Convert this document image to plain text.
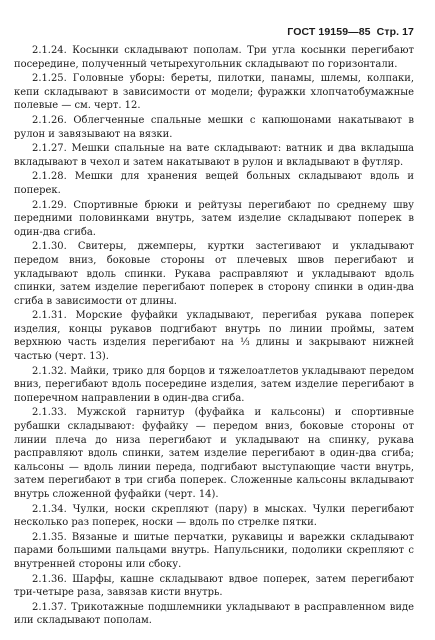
ГОСТ 19159—85 Стр. 17

2.1.24. Косынки складывают пополам. Три угла косынки перегибают посередине, полученный четырехугольник складывают по горизонтали.

2.1.25. Головные уборы: береты, пилотки, панамы, шлемы, колпаки, кепи складывают в зависимости от модели; фуражки хлопчатобумажные полевые — см. черт. 12.

2.1.26. Облегченные спальные мешки с капюшонами накатывают в рулон и завязывают на вязки.

2.1.27. Мешки спальные на вате складывают: ватник и два вкладыша вкладывают в чехол и затем накатывают в рулон и вкладывают в футляр.

2.1.28. Мешки для хранения вещей больных складывают вдоль и поперек.

2.1.29. Спортивные брюки и рейтузы перегибают по среднему шву передними половинками внутрь, затем изделие складывают поперек в один-два сгиба.

2.1.30. Свитеры, джемперы, куртки застегивают и укладывают передом вниз, боковые стороны от плечевых швов перегибают и укладывают вдоль спинки. Рукава расправляют и укладывают вдоль спинки, затем изделие перегибают поперек в сторону спинки в один-два сгиба в зависимости от длины.

2.1.31. Морские фуфайки укладывают, перегибая рукава поперек изделия, концы рукавов подгибают внутрь по линии проймы, затем верхнюю часть изделия перегибают на ⅓ длины и закрывают нижней частью (черт. 13).

2.1.32. Майки, трико для борцов и тяжелоатлетов укладывают передом вниз, перегибают вдоль посередине изделия, затем изделие перегибают в поперечном направлении в один-два сгиба.

2.1.33. Мужской гарнитур (фуфайка и кальсоны) и спортивные рубашки складывают: фуфайку — передом вниз, боковые стороны от линии плеча до низа перегибают и укладывают на спинку, рукава расправляют вдоль спинки, затем изделие перегибают в один-два сгиба; кальсоны — вдоль линии переда, подгибают выступающие части внутрь, затем перегибают в три сгиба поперек. Сложенные кальсоны вкладывают внутрь сложенной фуфайки (черт. 14).

2.1.34. Чулки, носки скрепляют (пару) в мысках. Чулки перегибают несколько раз поперек, носки — вдоль по стрелке пятки.

2.1.35. Вязаные и шитые перчатки, рукавицы и варежки складывают парами большими пальцами внутрь. Напульсники, подолики скрепляют с внутренней стороны или сбоку.

2.1.36. Шарфы, кашне складывают вдвое поперек, затем перегибают три-четыре раза, завязав кисти внутрь.

2.1.37. Трикотажные подшлемники укладывают в расправленном виде или складывают пополам.
